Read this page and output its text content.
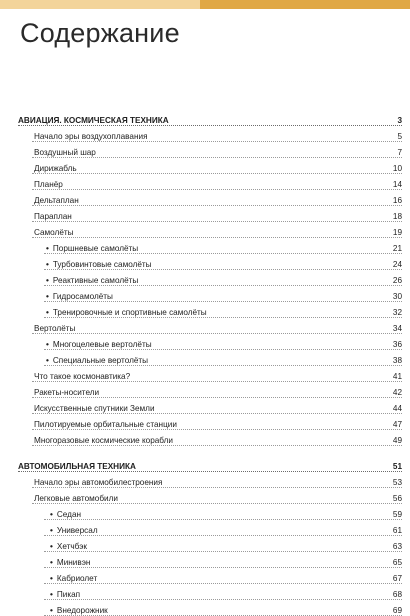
Содержание
АВИАЦИЯ. КОСМИЧЕСКАЯ ТЕХНИКА	3
Начало эры воздухоплавания	5
Воздушный шар	7
Дирижабль	10
Планёр	14
Дельтаплан	16
Параплан	18
Самолёты	19
• Поршневые самолёты	21
• Турбовинтовые самолёты	24
• Реактивные самолёты	26
• Гидросамолёты	30
• Тренировочные и спортивные самолёты	32
Вертолёты	34
• Многоцелевые вертолёты	36
• Специальные вертолёты	38
Что такое космонавтика?	41
Ракеты-носители	42
Искусственные спутники Земли	44
Пилотируемые орбитальные станции	47
Многоразовые космические корабли	49
АВТОМОБИЛЬНАЯ ТЕХНИКА	51
Начало эры автомобилестроения	53
Легковые автомобили	56
• Седан	59
• Универсал	61
• Хетчбэк	63
• Минивэн	65
• Кабриолет	67
• Пикап	68
• Внедорожник	69
